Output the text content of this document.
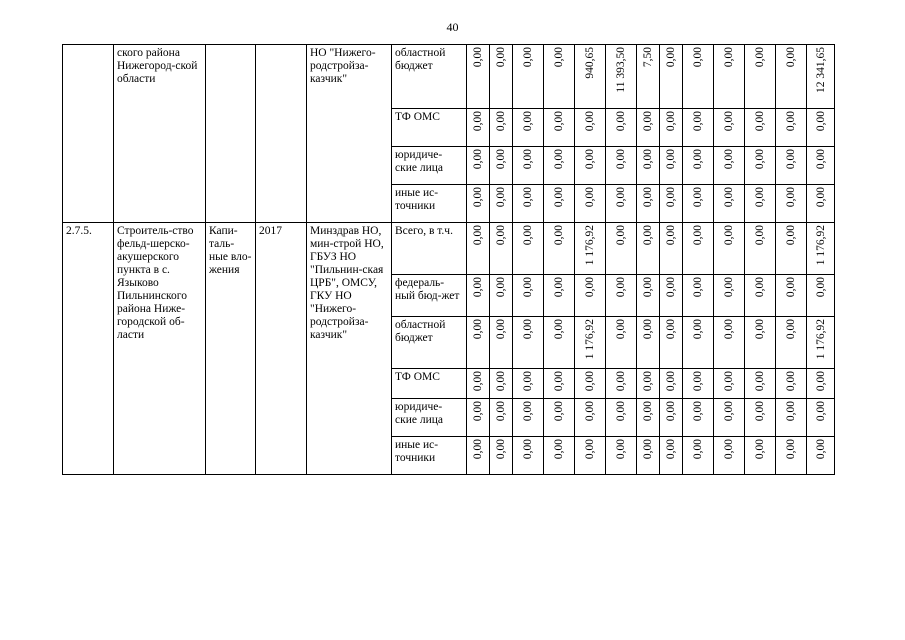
40
	ского района Нижегород-ской области			НО "Нижего-родстройза-казчик"	областной бюджет	0,00	0,00	0,00	0,00	940,65	11 393,50	7,50	0,00	0,00	0,00	0,00	0,00	12 341,65
					ТФ ОМС	0,00	0,00	0,00	0,00	0,00	0,00	0,00	0,00	0,00	0,00	0,00	0,00	0,00
					юридиче-ские лица	0,00	0,00	0,00	0,00	0,00	0,00	0,00	0,00	0,00	0,00	0,00	0,00	0,00
					иные ис-точники	0,00	0,00	0,00	0,00	0,00	0,00	0,00	0,00	0,00	0,00	0,00	0,00	0,00
2.7.5.	Строитель-ство фельд-шерско-акушерского пункта в с. Языково Пильнинского района Ниже-городской об-ласти	Капи-таль-ные вло-жения	2017	Минздрав НО, мин-строй НО, ГБУЗ НО "Пильнин-ская ЦРБ", ОМСУ, ГКУ НО "Нижего-родстройза-казчик"	Всего, в т.ч.	0,00	0,00	0,00	0,00	1 176,92	0,00	0,00	0,00	0,00	0,00	0,00	0,00	1 176,92
					федераль-ный бюд-жет	0,00	0,00	0,00	0,00	0,00	0,00	0,00	0,00	0,00	0,00	0,00	0,00	0,00
					областной бюджет	0,00	0,00	0,00	0,00	1 176,92	0,00	0,00	0,00	0,00	0,00	0,00	0,00	1 176,92
					ТФ ОМС	0,00	0,00	0,00	0,00	0,00	0,00	0,00	0,00	0,00	0,00	0,00	0,00	0,00
					юридиче-ские лица	0,00	0,00	0,00	0,00	0,00	0,00	0,00	0,00	0,00	0,00	0,00	0,00	0,00
					иные ис-точники	0,00	0,00	0,00	0,00	0,00	0,00	0,00	0,00	0,00	0,00	0,00	0,00	0,00
